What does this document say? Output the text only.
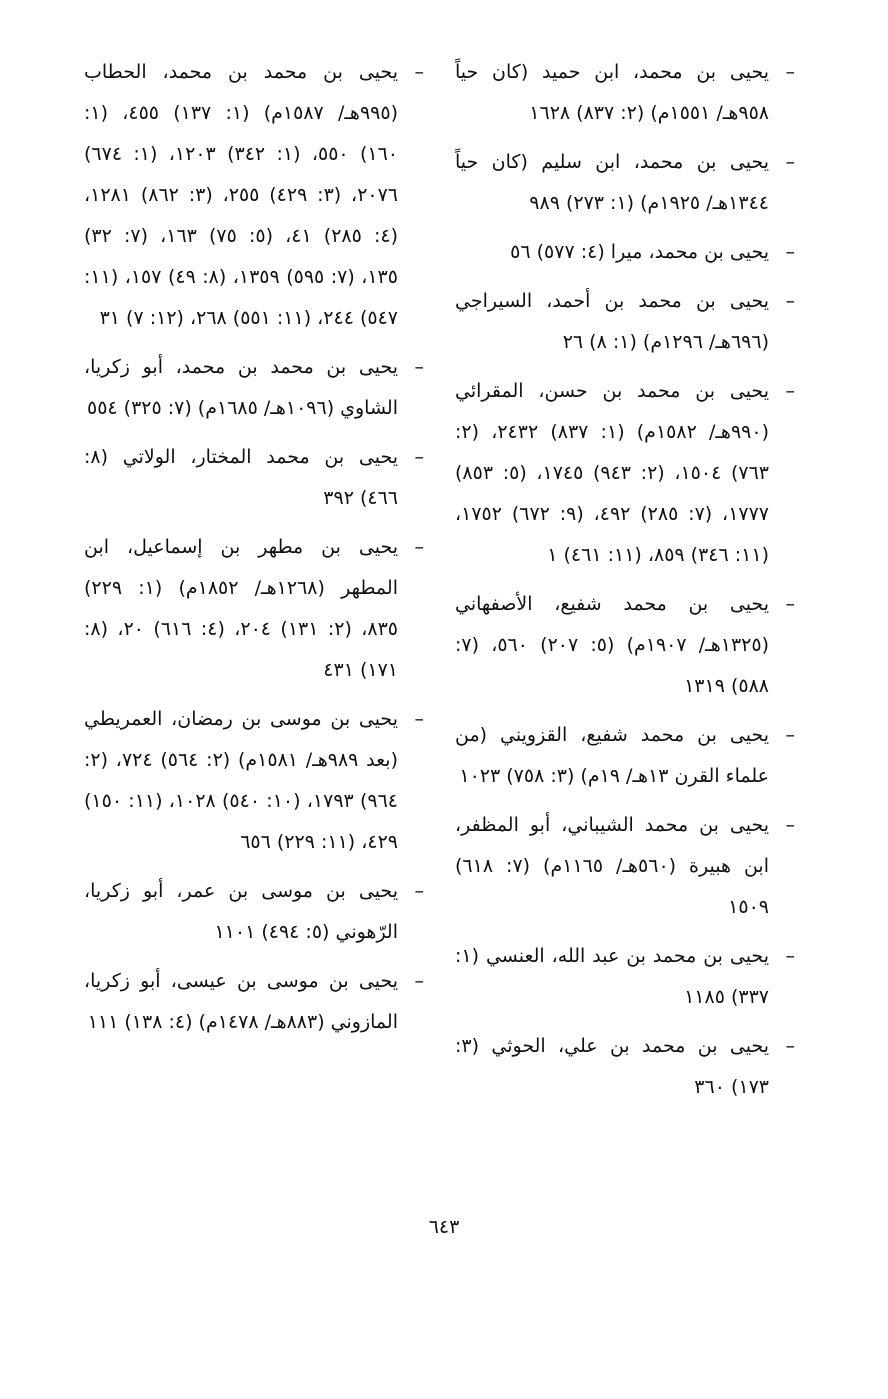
–
يحيى بن محمد، ابن حميد (كان حياً ٩٥٨هـ/ ١٥٥١م) (٢: ٨٣٧) ١٦٢٨
–
يحيى بن محمد، ابن سليم (كان حياً ١٣٤٤هـ/ ١٩٢٥م) (١: ٢٧٣) ٩٨٩
–
يحيى بن محمد، ميرا (٤: ٥٧٧) ٥٦
–
يحيى بن محمد بن أحمد، السيراجي (٦٩٦هـ/ ١٢٩٦م) (١: ٨) ٢٦
–
يحيى بن محمد بن حسن، المقرائي (٩٩٠هـ/ ١٥٨٢م) (١: ٨٣٧) ٢٤٣٢، (٢: ٧٦٣) ١٥٠٤، (٢: ٩٤٣) ١٧٤٥، (٥: ٨٥٣) ١٧٧٧، (٧: ٢٨٥) ٤٩٢، (٩: ٦٧٢) ١٧٥٢، (١١: ٣٤٦) ٨٥٩، (١١: ٤٦١) ١
–
يحيى بن محمد شفيع، الأصفهاني (١٣٢٥هـ/ ١٩٠٧م) (٥: ٢٠٧) ٥٦٠، (٧: ٥٨٨) ١٣١٩
–
يحيى بن محمد شفيع، القزويني (من علماء القرن ١٣هـ/ ١٩م) (٣: ٧٥٨) ١٠٢٣
–
يحيى بن محمد الشيباني، أبو المظفر، ابن هبيرة (٥٦٠هـ/ ١١٦٥م) (٧: ٦١٨) ١٥٠٩
–
يحيى بن محمد بن عبد الله، العنسي (١: ٣٣٧) ١١٨٥
–
يحيى بن محمد بن علي، الحوثي (٣: ١٧٣) ٣٦٠
–
يحيى بن محمد بن محمد، الحطاب (٩٩٥هـ/ ١٥٨٧م) (١: ١٣٧) ٤٥٥، (١: ١٦٠) ٥٥٠، (١: ٣٤٢) ١٢٠٣، (١: ٦٧٤) ٢٠٧٦، (٣: ٤٢٩) ٢٥٥، (٣: ٨٦٢) ١٢٨١، (٤: ٢٨٥) ٤١، (٥: ٧٥) ١٦٣، (٧: ٣٢) ١٣٥، (٧: ٥٩٥) ١٣٥٩، (٨: ٤٩) ١٥٧، (١١: ٥٤٧) ٢٤٤، (١١: ٥٥١) ٢٦٨، (١٢: ٧) ٣١
–
يحيى بن محمد بن محمد، أبو زكريا، الشاوي (١٠٩٦هـ/ ١٦٨٥م) (٧: ٣٢٥) ٥٥٤
–
يحيى بن محمد المختار، الولاتي (٨: ٤٦٦) ٣٩٢
–
يحيى بن مطهر بن إسماعيل، ابن المطهر (١٢٦٨هـ/ ١٨٥٢م) (١: ٢٢٩) ٨٣٥، (٢: ١٣١) ٢٠٤، (٤: ٦١٦) ٢٠، (٨: ١٧١) ٤٣١
–
يحيى بن موسى بن رمضان، العمريطي (بعد ٩٨٩هـ/ ١٥٨١م) (٢: ٥٦٤) ٧٢٤، (٢: ٩٦٤) ١٧٩٣، (١٠: ٥٤٠) ١٠٢٨، (١١: ١٥٠) ٤٢٩، (١١: ٢٢٩) ٦٥٦
–
يحيى بن موسى بن عمر، أبو زكريا، الرّهوني (٥: ٤٩٤) ١١٠١
–
يحيى بن موسى بن عيسى، أبو زكريا، المازوني (٨٨٣هـ/ ١٤٧٨م) (٤: ١٣٨) ١١١
٦٤٣
